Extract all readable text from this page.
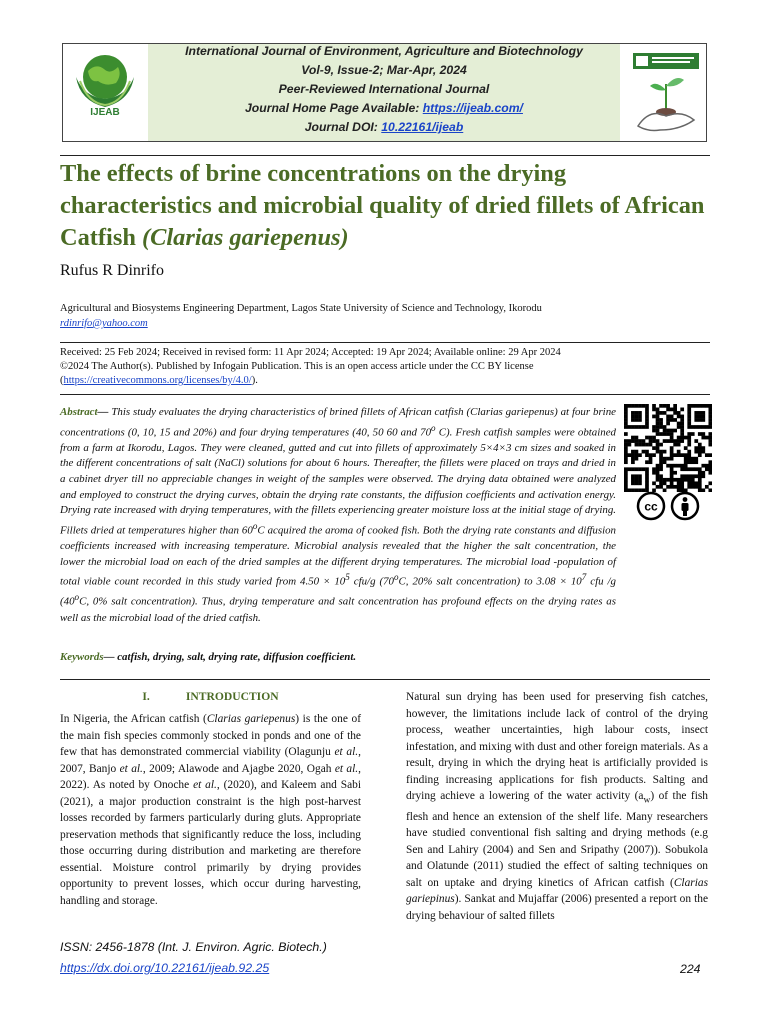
IJEAB
International Journal of Environment, Agriculture and Biotechnology
Vol-9, Issue-2; Mar-Apr, 2024
Peer-Reviewed International Journal
Journal Home Page Available: https://ijeab.com/
Journal DOI: 10.22161/ijeab
The effects of brine concentrations on the drying characteristics and microbial quality of dried fillets of African Catfish (Clarias gariepenus)
Rufus R Dinrifo
Agricultural and Biosystems Engineering Department, Lagos State University of Science and Technology, Ikorodu
rdinrifo@yahoo.com
Received: 25 Feb 2024; Received in revised form: 11 Apr 2024; Accepted: 19 Apr 2024; Available online: 29 Apr 2024
©2024 The Author(s). Published by Infogain Publication. This is an open access article under the CC BY license
(https://creativecommons.org/licenses/by/4.0/).
Abstract— This study evaluates the drying characteristics of brined fillets of African catfish (Clarias gariepenus) at four brine concentrations (0, 10, 15 and 20%) and four drying temperatures (40, 50 60 and 70$^o$ C). Fresh catfish samples were obtained from a farm at Ikorodu, Lagos. They were cleaned, gutted and cut into fillets of approximately 5×4×3 cm sizes and soaked in the different concentrations of salt (NaCl) solutions for about 6 hours. Thereafter, the fillets were placed on trays and dried in a cabinet dryer till no appreciable changes in weight of the samples were observed. The drying data obtained were analyzed and employed to construct the drying curves, obtain the drying rate constants, the diffusion coefficients and activation energy. Drying rate increased with drying temperatures, with the fillets experiencing greater moisture loss at the initial stage of drying. Fillets dried at temperatures higher than 60$^o$C acquired the aroma of cooked fish. Both the drying rate constants and diffusion coefficients increased with increasing temperature. Microbial analysis revealed that the higher the salt concentration, the lower the microbial load on each of the dried samples at the different drying temperatures. The microbial load -population of total viable count recorded in this study varied from $4.50 \times 10^5$ cfu/g (70$^o$C, 20% salt concentration) to $3.08 \times 10^7$ cfu /g (40$^o$C, 0% salt concentration). Thus, drying temperature and salt concentration has profound effects on the drying rates as well as the microbial load of the dried catfish.
cc
Keywords— catfish, drying, salt, drying rate, diffusion coefficient.
I.	INTRODUCTION
In Nigeria, the African catfish (Clarias gariepenus) is the one of the main fish species commonly stocked in ponds and one of the few that has demonstrated commercial viability (Olagunju et al., 2007, Banjo et al., 2009; Alawode and Ajagbe 2020, Ogah et al., 2022). As noted by Onoche et al., (2020), and Kaleem and Sabi (2021), a major production constraint is the high post-harvest losses recorded by farmers particularly during gluts. Appropriate preservation methods that significantly reduce the loss, including those occurring during distribution and marketing are therefore essential. Moisture control primarily by drying provides opportunity to prevent losses, which occur during harvesting, handling and storage.
Natural sun drying has been used for preserving fish catches, however, the limitations include lack of control of the drying process, weather uncertainties, high labour costs, insect infestation, and mixing with dust and other foreign materials. As a result, drying in which the drying heat is artificially provided is finding increasing applications for fish products. Salting and drying achieve a lowering of the water activity $(a_w)$ of the fish flesh and hence an extension of the shelf life. Many researchers have studied conventional fish salting and drying methods (e.g Sen and Lahiry (2004) and Sen and Sripathy (2007)). Sobukola and Olatunde (2011) studied the effect of salting techniques on salt on uptake and drying kinetics of African catfish (Clarias gariepinus). Sankat and Mujaffar (2006) presented a report on the drying behaviour of salted fillets
ISSN: 2456-1878 (Int. J. Environ. Agric. Biotech.)
https://dx.doi.org/10.22161/ijeab.92.25	224
